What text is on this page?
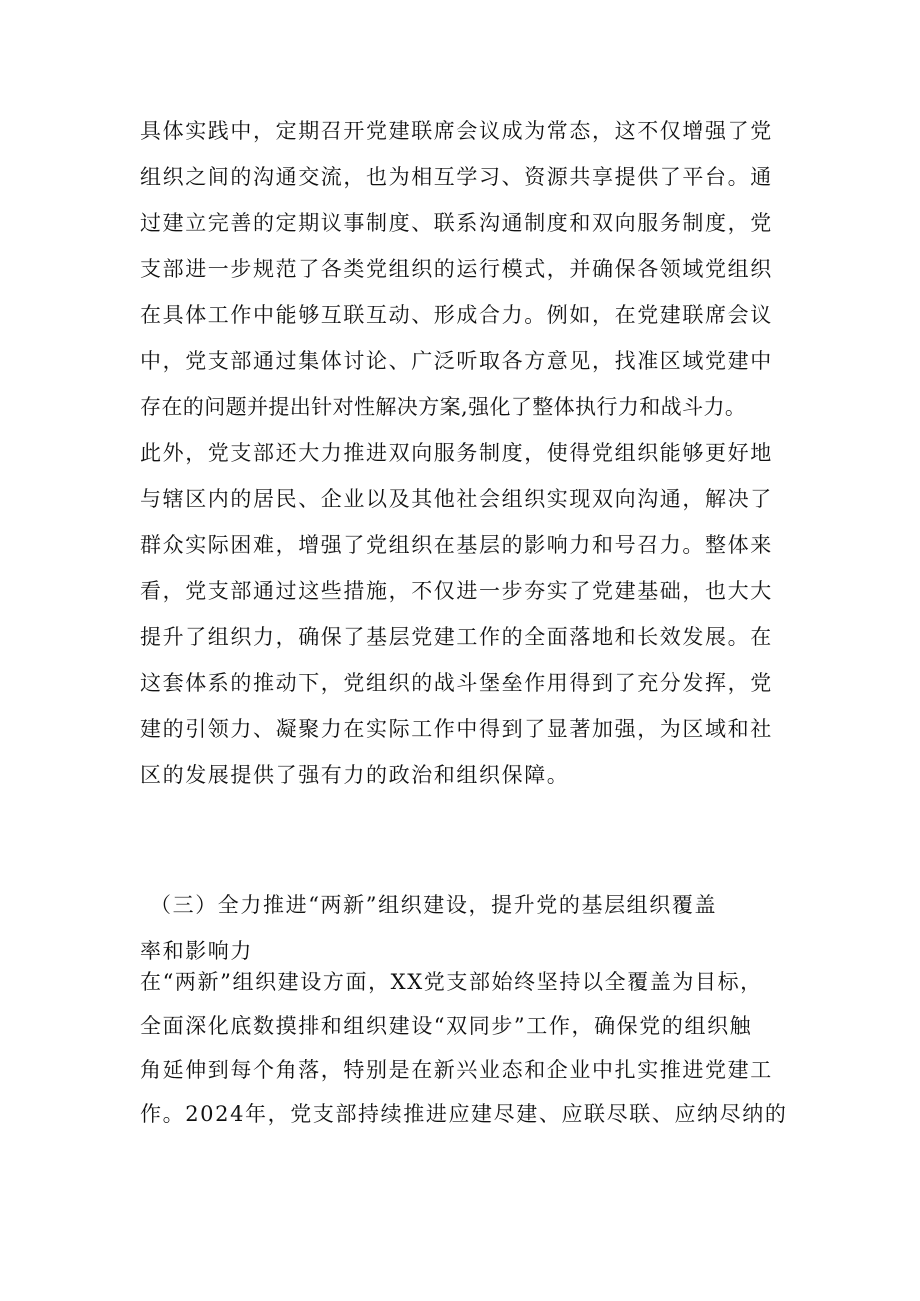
具体实践中，定期召开党建联席会议成为常态，这不仅增强了党
组织之间的沟通交流，也为相互学习、资源共享提供了平台。通
过建立完善的定期议事制度、联系沟通制度和双向服务制度，党
支部进一步规范了各类党组织的运行模式，并确保各领域党组织
在具体工作中能够互联互动、形成合力。例如，在党建联席会议
中，党支部通过集体讨论、广泛听取各方意见，找准区域党建中
存在的问题并提出针对性解决方案,强化了整体执行力和战斗力。
此外，党支部还大力推进双向服务制度，使得党组织能够更好地
与辖区内的居民、企业以及其他社会组织实现双向沟通，解决了
群众实际困难，增强了党组织在基层的影响力和号召力。整体来
看，党支部通过这些措施，不仅进一步夯实了党建基础，也大大
提升了组织力，确保了基层党建工作的全面落地和长效发展。在
这套体系的推动下，党组织的战斗堡垒作用得到了充分发挥，党
建的引领力、凝聚力在实际工作中得到了显著加强，为区域和社
区的发展提供了强有力的政治和组织保障。
（三）全力推进“两新”组织建设，提升党的基层组织覆盖
率和影响力
在“两新”组织建设方面，XX党支部始终坚持以全覆盖为目标，
全面深化底数摸排和组织建设“双同步”工作，确保党的组织触
角延伸到每个角落，特别是在新兴业态和企业中扎实推进党建工
作。2024年，党支部持续推进应建尽建、应联尽联、应纳尽纳的
